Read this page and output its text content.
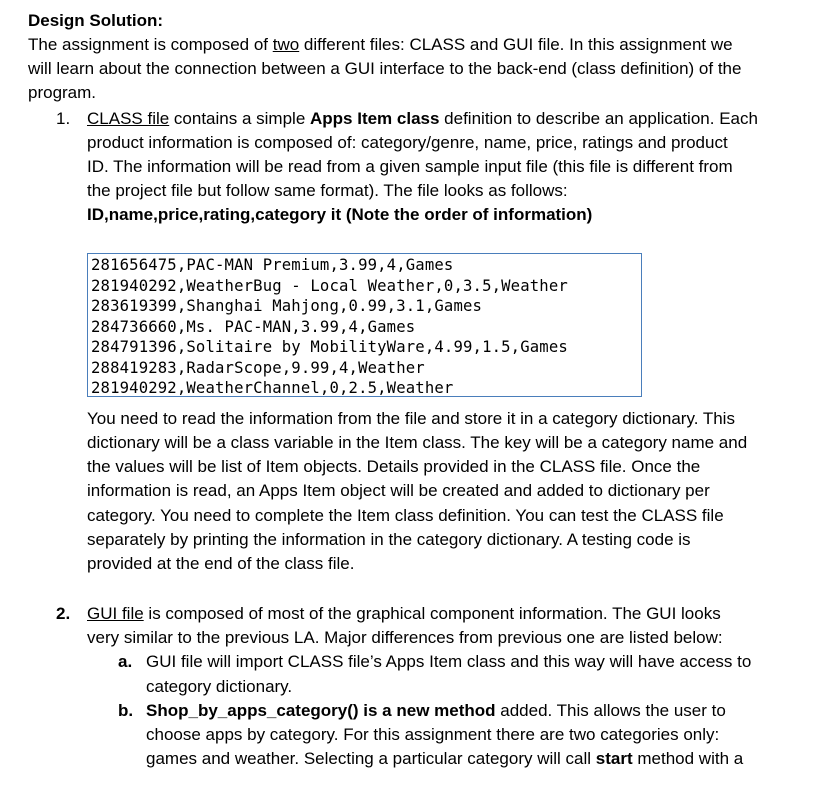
Design Solution:
The assignment is composed of two different files: CLASS and GUI file. In this assignment we
will learn about the connection between a GUI interface to the back-end (class definition) of the
program.
1. CLASS file contains a simple Apps Item class definition to describe an application. Each
product information is composed of: category/genre, name, price, ratings and product
ID. The information will be read from a given sample input file (this file is different from
the project file but follow same format). The file looks as follows:
ID,name,price,rating,category it (Note the order of information)
281656475,PAC-MAN Premium,3.99,4,Games
281940292,WeatherBug - Local Weather,0,3.5,Weather
283619399,Shanghai Mahjong,0.99,3.1,Games
284736660,Ms. PAC-MAN,3.99,4,Games
284791396,Solitaire by MobilityWare,4.99,1.5,Games
288419283,RadarScope,9.99,4,Weather
281940292,WeatherChannel,0,2.5,Weather
You need to read the information from the file and store it in a category dictionary. This
dictionary will be a class variable in the Item class. The key will be a category name and
the values will be list of Item objects. Details provided in the CLASS file. Once the
information is read, an Apps Item object will be created and added to dictionary per
category. You need to complete the Item class definition. You can test the CLASS file
separately by printing the information in the category dictionary. A testing code is
provided at the end of the class file.
2. GUI file is composed of most of the graphical component information. The GUI looks
very similar to the previous LA. Major differences from previous one are listed below:
a. GUI file will import CLASS file’s Apps Item class and this way will have access to
category dictionary.
b. Shop_by_apps_category() is a new method added. This allows the user to
choose apps by category. For this assignment there are two categories only:
games and weather. Selecting a particular category will call start method with a
